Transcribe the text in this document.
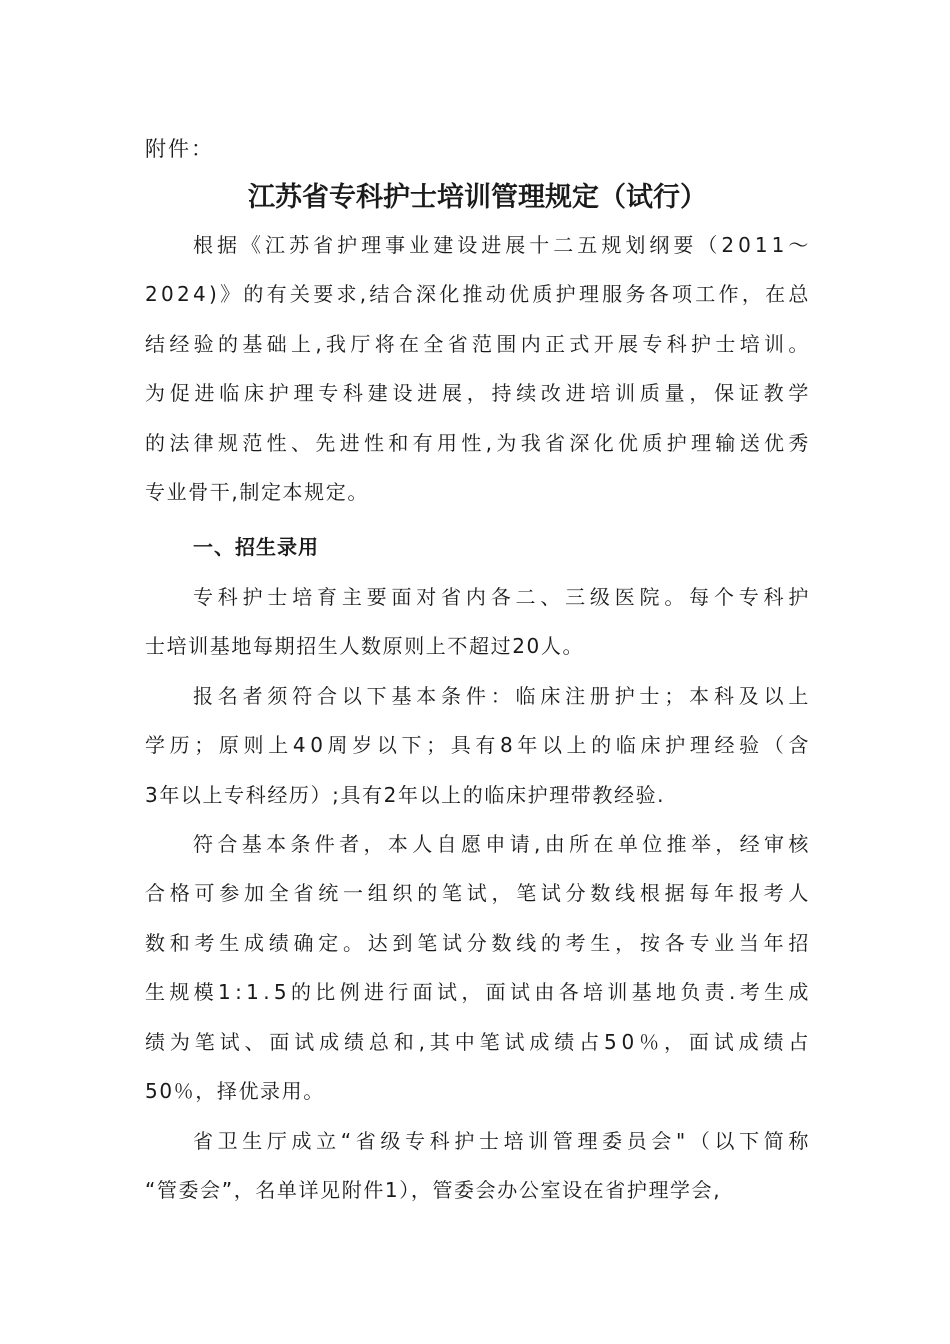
附件：
江苏省专科护士培训管理规定（试行）
根据《江苏省护理事业建设进展十二五规划纲要（2011～
2024)》的有关要求,结合深化推动优质护理服务各项工作，在总
结经验的基础上,我厅将在全省范围内正式开展专科护士培训。
为促进临床护理专科建设进展，持续改进培训质量，保证教学
的法律规范性、先进性和有用性,为我省深化优质护理输送优秀
专业骨干,制定本规定。
一、招生录用
专科护士培育主要面对省内各二、三级医院。每个专科护
士培训基地每期招生人数原则上不超过20人。
报名者须符合以下基本条件：临床注册护士；本科及以上
学历；原则上40周岁以下；具有8年以上的临床护理经验（含
3年以上专科经历）;具有2年以上的临床护理带教经验.
符合基本条件者，本人自愿申请,由所在单位推举，经审核
合格可参加全省统一组织的笔试，笔试分数线根据每年报考人
数和考生成绩确定。达到笔试分数线的考生，按各专业当年招
生规模1:1.5的比例进行面试，面试由各培训基地负责.考生成
绩为笔试、面试成绩总和,其中笔试成绩占50％，面试成绩占
50％，择优录用。
省卫生厅成立“省级专科护士培训管理委员会"（以下简称
“管委会”，名单详见附件1），管委会办公室设在省护理学会,
